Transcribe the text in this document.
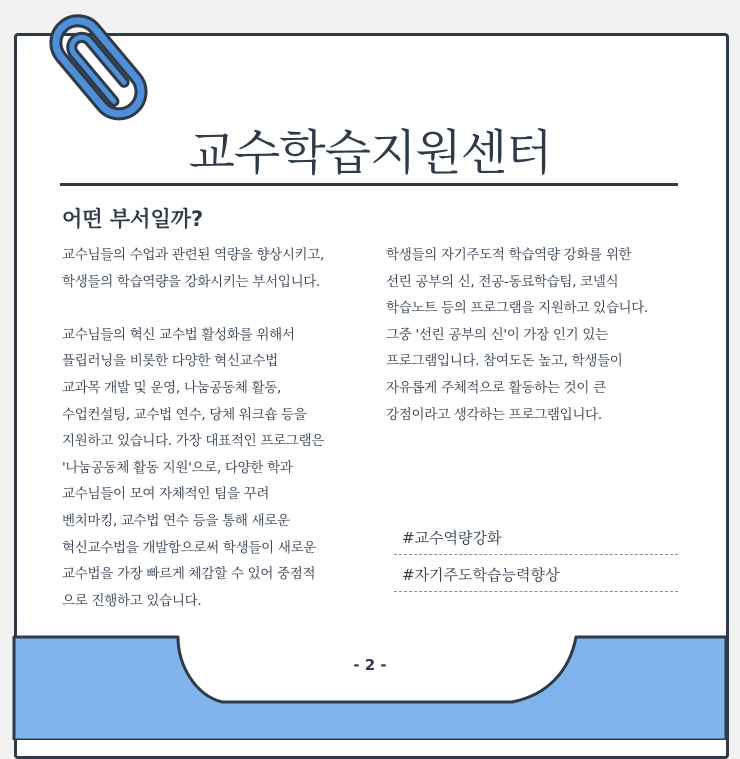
교수학습지원센터
어떤 부서일까?

교수님들의 수업과 관련된 역량을 향상시키고,

학생들의 학습역량을 강화시키는 부서입니다.

교수님들의 혁신 교수법 활성화를 위해서

플립러닝을 비롯한 다양한 혁신교수법

교과목 개발 및 운영, 나눔공동체 활동,

수업컨설팅, 교수법 연수, 당체 워크숍 등을

지원하고 있습니다. 가장 대표적인 프로그램은

'나눔공동체 활동 지원'으로, 다양한 학과

교수님들이 모여 자체적인 팀을 꾸려

벤치마킹, 교수법 연수 등을 통해 새로운

혁신교수법을 개발함으로써 학생들이 새로운

교수법을 가장 빠르게 체감할 수 있어 중점적

으로 진행하고 있습니다.

학생들의 자기주도적 학습역량 강화를 위한

선린 공부의 신, 전공-동료학습팀, 코넬식

학습노트 등의 프로그램을 지원하고 있습니다.

그중 '선린 공부의 신'이 가장 인기 있는

프로그램입니다. 참여도돈 높고, 학생들이

자유롭게 주체적으로 활동하는 것이 큰

강점이라고 생각하는 프로그램입니다.

#교수역량강화
#자기주도학습능력향상
- 2 -
